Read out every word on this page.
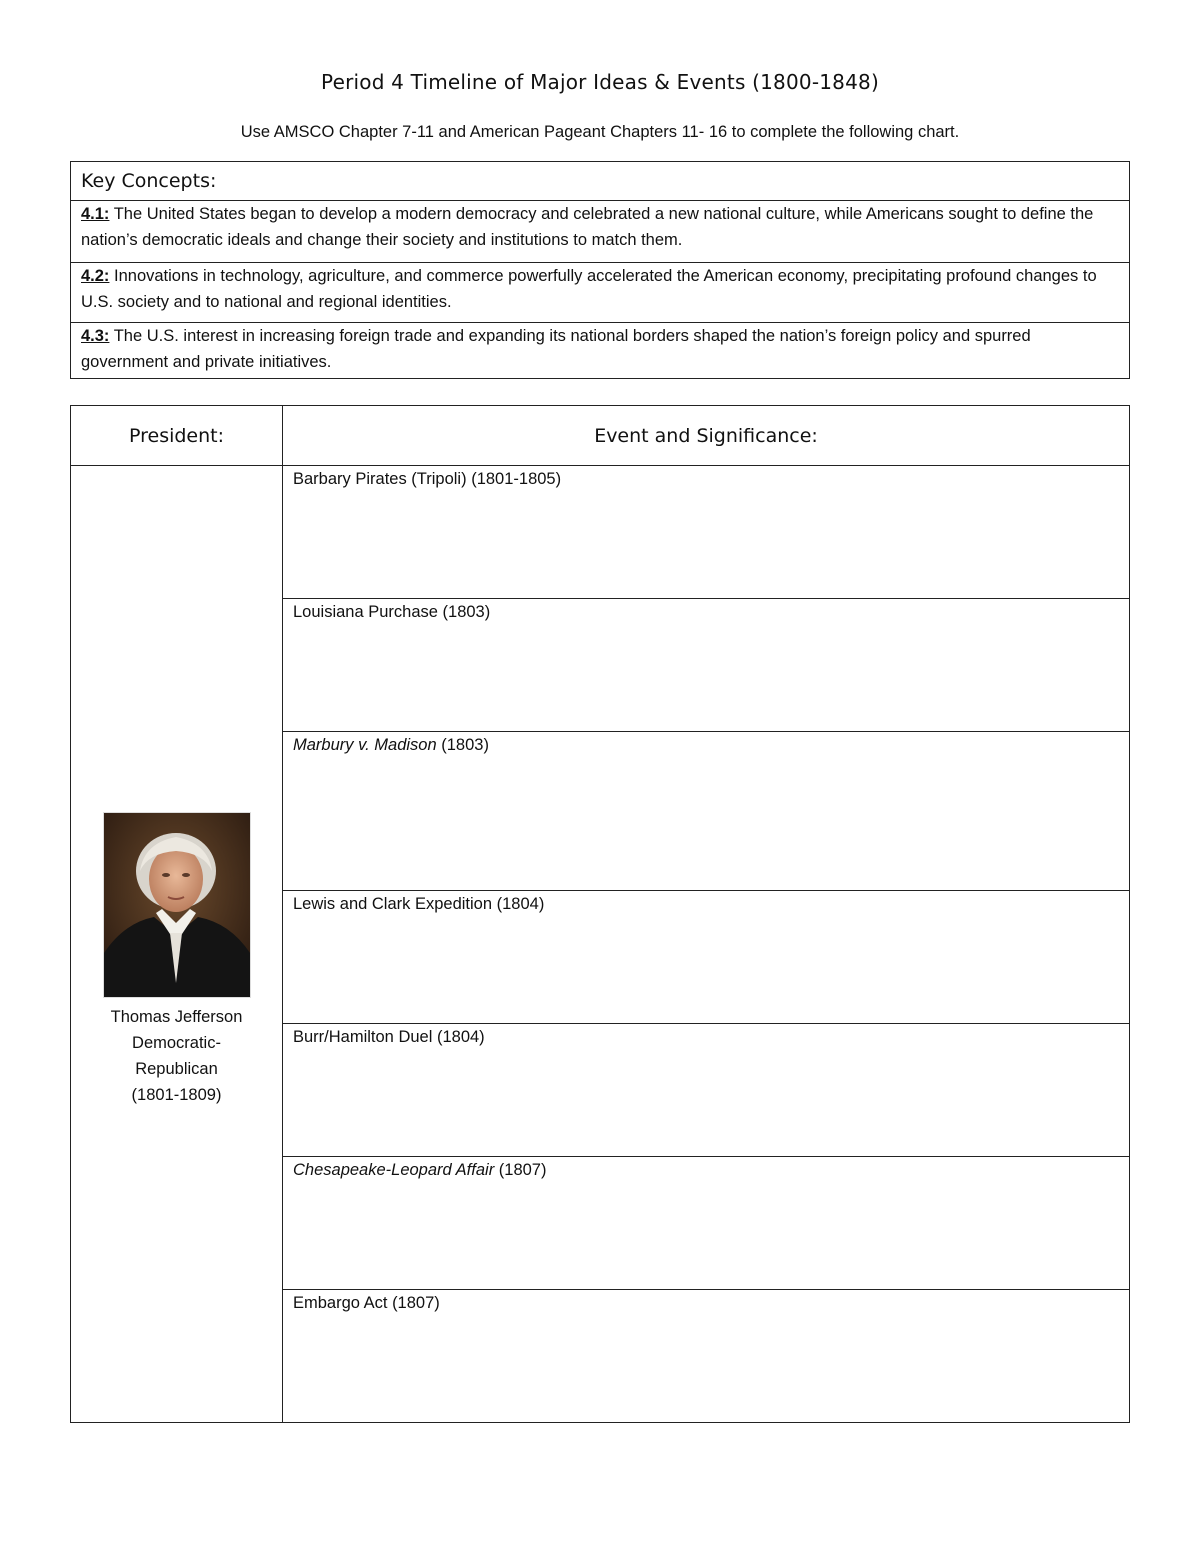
Period 4 Timeline of Major Ideas & Events (1800-1848)
Use AMSCO Chapter 7-11 and American Pageant Chapters 11- 16 to complete the following chart.
Key Concepts:
4.1: The United States began to develop a modern democracy and celebrated a new national culture, while Americans sought to define the nation’s democratic ideals and change their society and institutions to match them.
4.2: Innovations in technology, agriculture, and commerce powerfully accelerated the American economy, precipitating profound changes to U.S. society and to national and regional identities.
4.3: The U.S. interest in increasing foreign trade and expanding its national borders shaped the nation’s foreign policy and spurred government and private initiatives.
President:	Event and Significance:

Thomas Jefferson
Democratic-
Republican
(1801-1809)	Barbary Pirates (Tripoli) (1801-1805)
	Louisiana Purchase (1803)
	Marbury v. Madison (1803)
	Lewis and Clark Expedition (1804)
	Burr/Hamilton Duel (1804)
	Chesapeake-Leopard Affair (1807)
	Embargo Act (1807)
